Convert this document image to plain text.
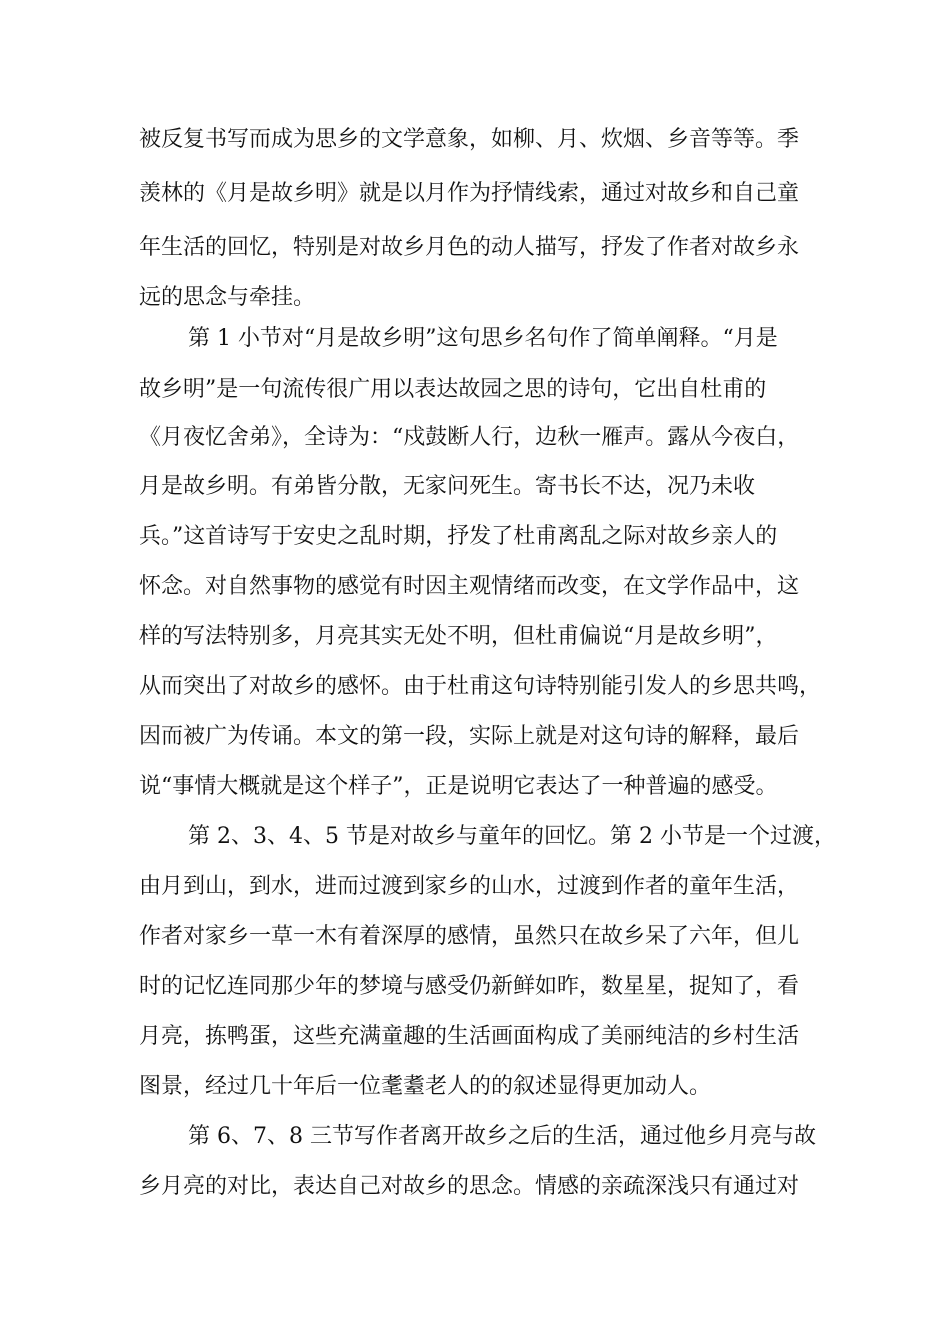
被反复书写而成为思乡的文学意象，如柳、月、炊烟、乡音等等。季
羡林的《月是故乡明》就是以月作为抒情线索，通过对故乡和自己童
年生活的回忆，特别是对故乡月色的动人描写，抒发了作者对故乡永
远的思念与牵挂。
第 1 小节对“月是故乡明”这句思乡名句作了简单阐释。“月是
故乡明”是一句流传很广用以表达故园之思的诗句，它出自杜甫的
《月夜忆舍弟》，全诗为：“戍鼓断人行，边秋一雁声。露从今夜白，
月是故乡明。有弟皆分散，无家问死生。寄书长不达，况乃未收
兵。”这首诗写于安史之乱时期，抒发了杜甫离乱之际对故乡亲人的
怀念。对自然事物的感觉有时因主观情绪而改变，在文学作品中，这
样的写法特别多，月亮其实无处不明，但杜甫偏说“月是故乡明”，
从而突出了对故乡的感怀。由于杜甫这句诗特别能引发人的乡思共鸣，
因而被广为传诵。本文的第一段，实际上就是对这句诗的解释，最后
说“事情大概就是这个样子”，正是说明它表达了一种普遍的感受。
第 2、3、4、5 节是对故乡与童年的回忆。第 2 小节是一个过渡，
由月到山，到水，进而过渡到家乡的山水，过渡到作者的童年生活，
作者对家乡一草一木有着深厚的感情，虽然只在故乡呆了六年，但儿
时的记忆连同那少年的梦境与感受仍新鲜如昨，数星星，捉知了，看
月亮，拣鸭蛋，这些充满童趣的生活画面构成了美丽纯洁的乡村生活
图景，经过几十年后一位耄耋老人的的叙述显得更加动人。
第 6、7、8 三节写作者离开故乡之后的生活，通过他乡月亮与故
乡月亮的对比，表达自己对故乡的思念。情感的亲疏深浅只有通过对
